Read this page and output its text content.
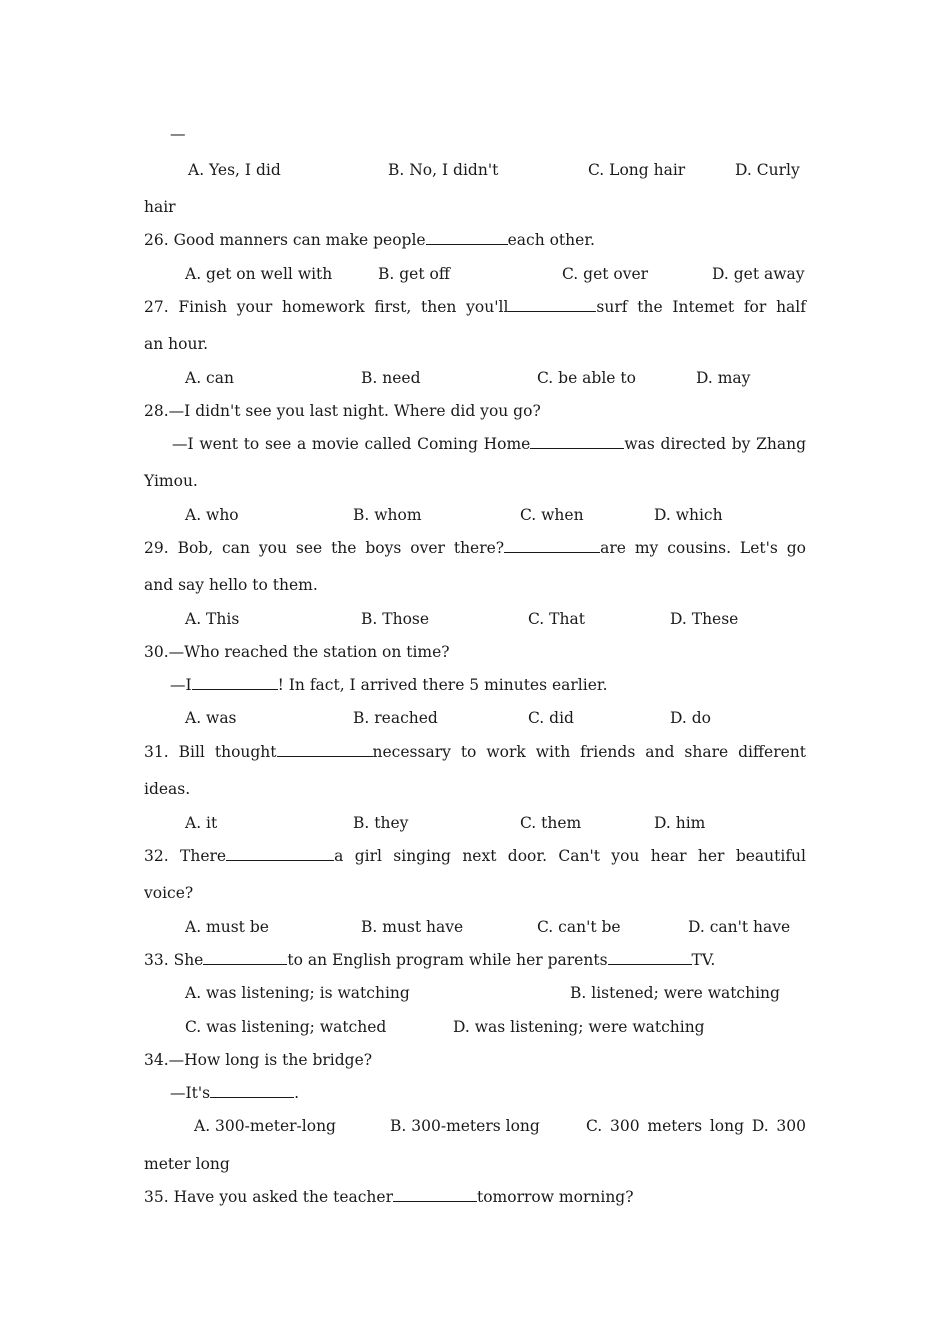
—
A. Yes, I did	B. No, I didn't	C. Long hair	D. Curly
hair
26. Good manners can make people	each other.
A. get on well with	B. get off	C. get over	D. get away
27. Finish your homework first, then you'll	surf the Intemet for half
an hour.
A. can	B. need	C. be able to	D. may
28.—I didn't see you last night. Where did you go?
—I went to see a movie called Coming Home	was directed by Zhang
Yimou.
A. who	B. whom	C. when	D. which
29. Bob, can you see the boys over there?	are my cousins. Let's go
and say hello to them.
A. This	B. Those	C. That	D. These
30.—Who reached the station on time?
—I	! In fact, I arrived there 5 minutes earlier.
A. was	B. reached	C. did	D. do
31. Bill thought	necessary to work with friends and share different
ideas.
A. it	B. they	C. them	D. him
32. There	a girl singing next door. Can't you hear her beautiful
voice?
A. must be	B. must have	C. can't be	D. can't have
33. She	to an English program while her parents	TV.
A. was listening; is watching	B. listened; were watching
C. was listening; watched	D. was listening; were watching
34.—How long is the bridge?
—It's	.
A. 300-meter-long	B. 300-meters long	C. 300 meters long D. 300
meter long
35. Have you asked the teacher	tomorrow morning?
